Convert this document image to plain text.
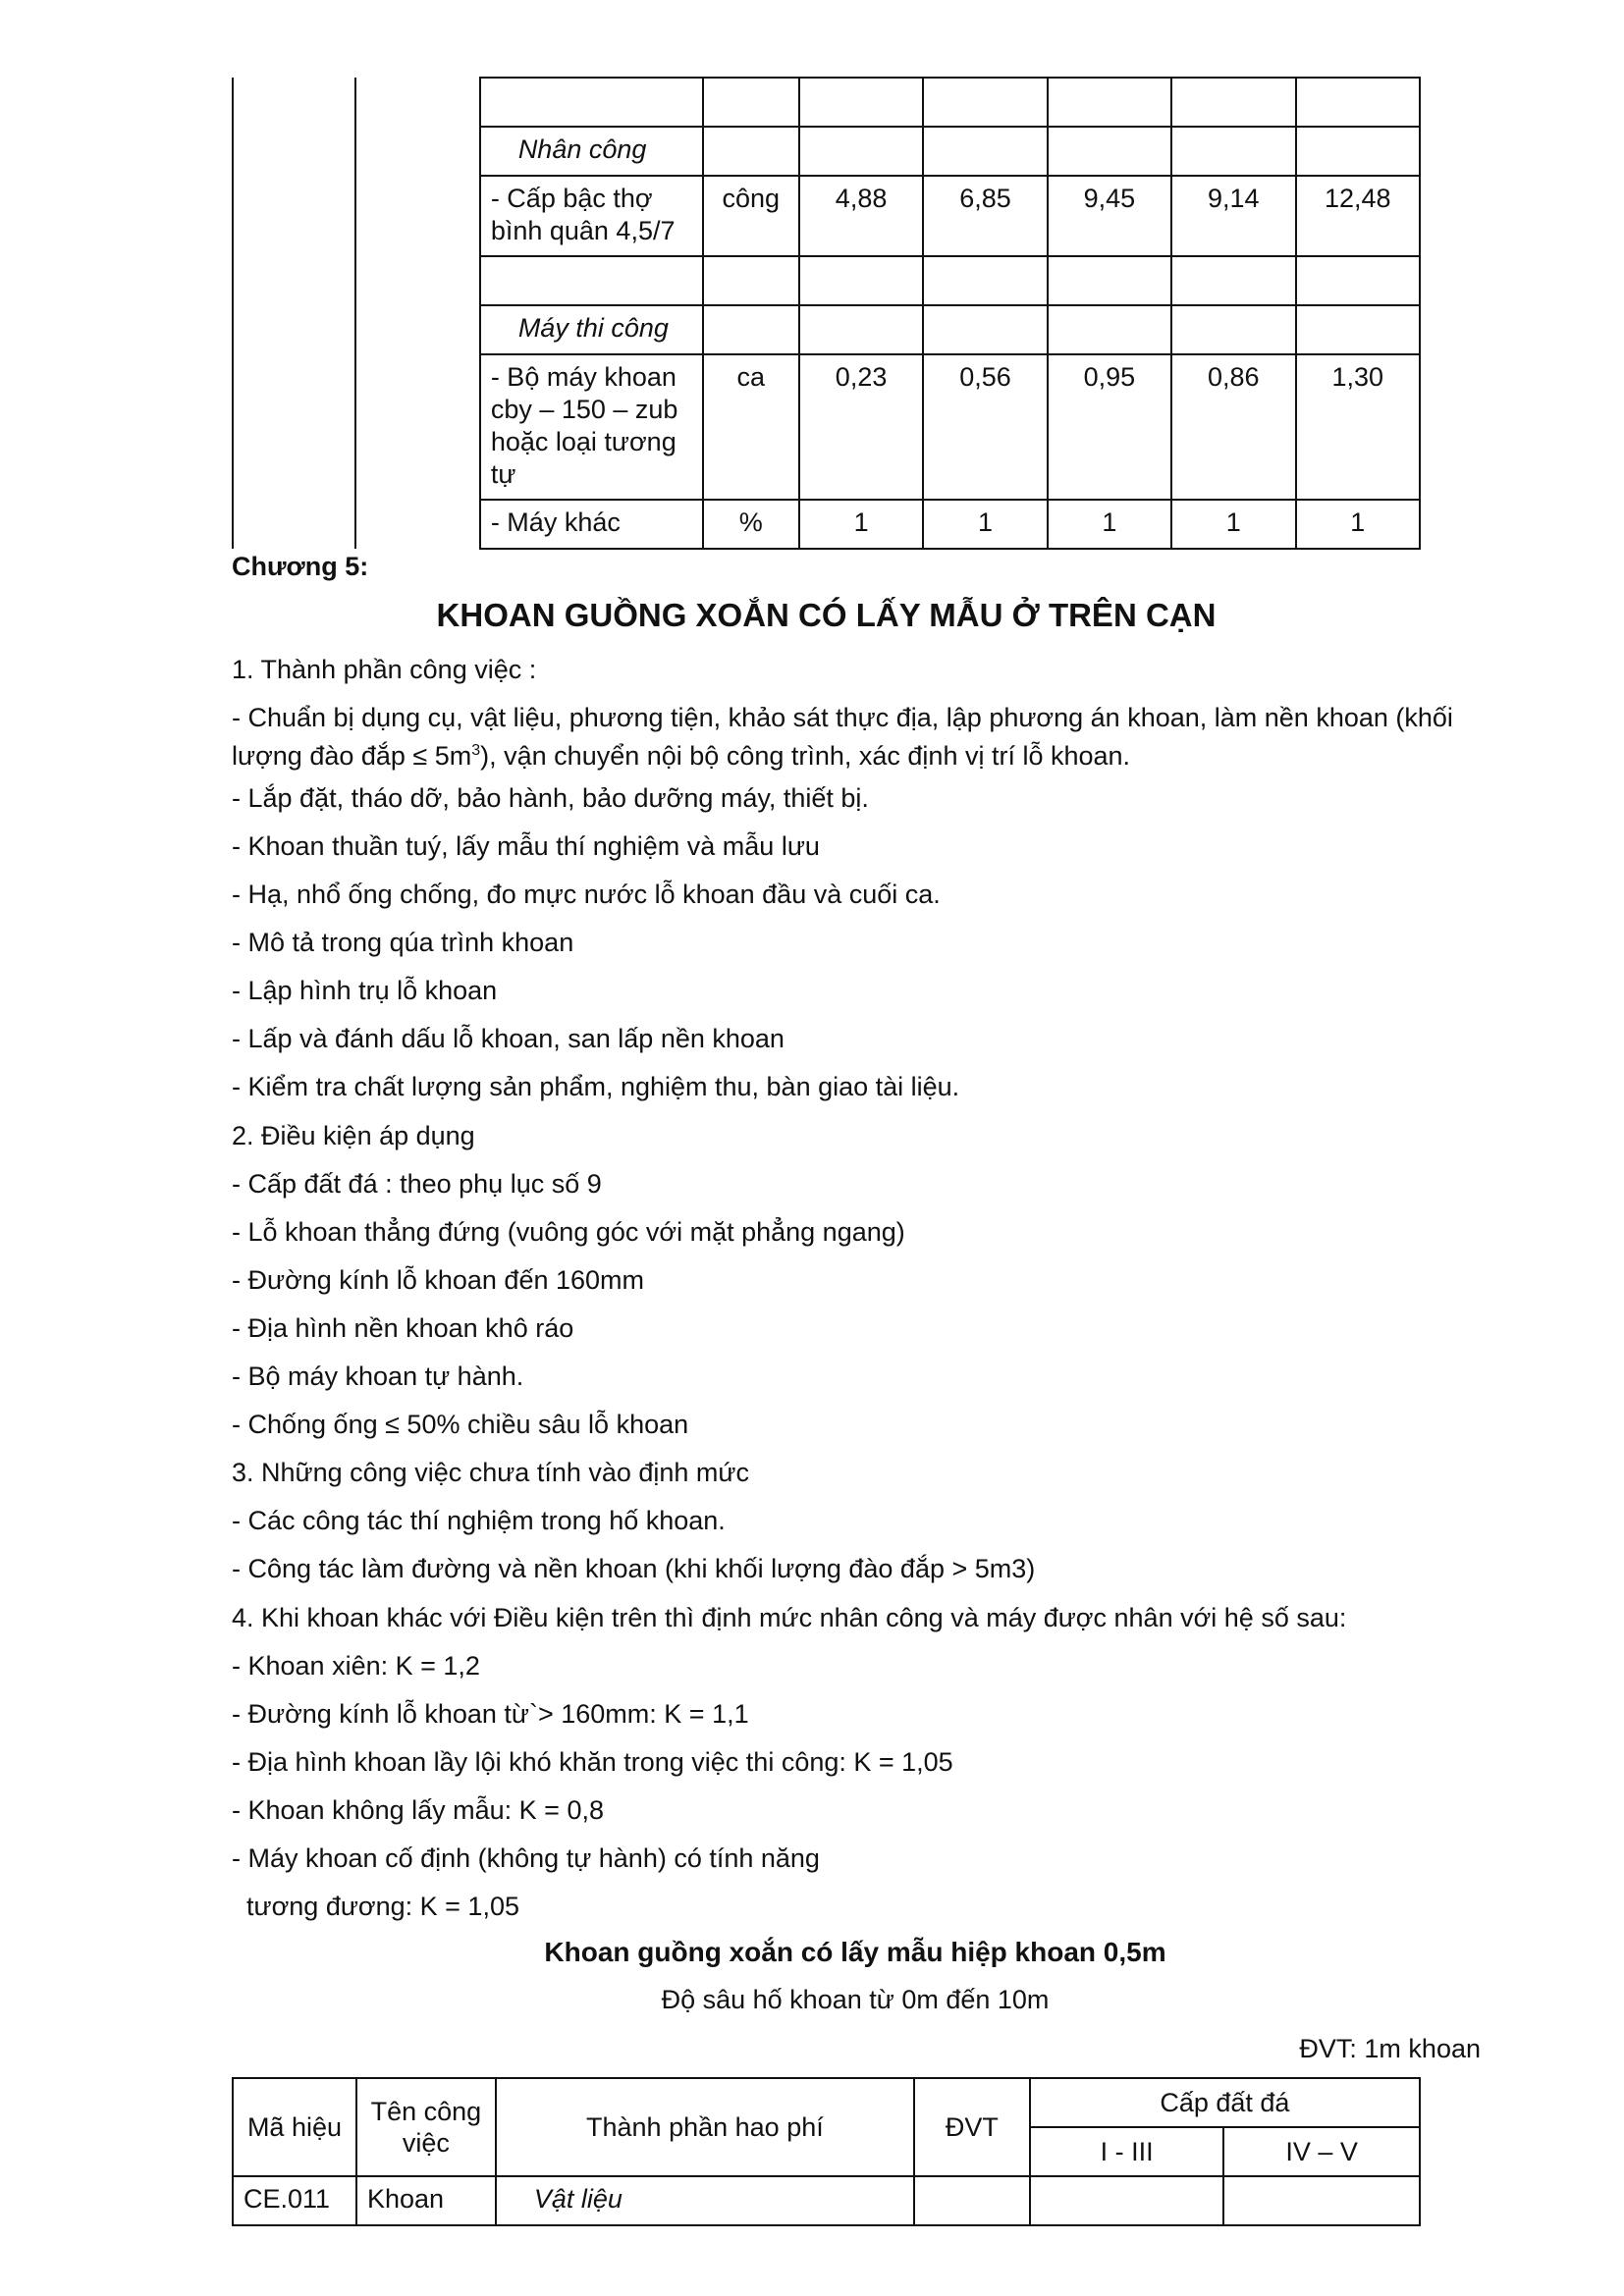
		Nhân công						
		- Cấp bậc thợ bình quân 4,5/7	công	4,88	6,85	9,45	9,14	12,48

		Máy thi công						
		- Bộ máy khoan cby – 150 – zub hoặc loại tương tự	ca	0,23	0,56	0,95	0,86	1,30
		- Máy khác	%	1	1	1	1	1
Chương 5:
KHOAN GUỒNG XOẮN CÓ LẤY MẪU Ở TRÊN CẠN
1. Thành phần công việc :
- Chuẩn bị dụng cụ, vật liệu, phương tiện, khảo sát thực địa, lập phương án khoan, làm nền khoan (khối lượng đào đắp ≤ $5m^3$), vận chuyển nội bộ công trình, xác định vị trí lỗ khoan.
- Lắp đặt, tháo dỡ, bảo hành, bảo dưỡng máy, thiết bị.
- Khoan thuần tuý, lấy mẫu thí nghiệm và mẫu lưu
- Hạ, nhổ ống chống, đo mực nước lỗ khoan đầu và cuối ca.
- Mô tả trong qúa trình khoan
- Lập hình trụ lỗ khoan
- Lấp và đánh dấu lỗ khoan, san lấp nền khoan
- Kiểm tra chất lượng sản phẩm, nghiệm thu, bàn giao tài liệu.
2. Điều kiện áp dụng
- Cấp đất đá : theo phụ lục số 9
- Lỗ khoan thẳng đứng (vuông góc với mặt phẳng ngang)
- Đường kính lỗ khoan đến 160mm
- Địa hình nền khoan khô ráo
- Bộ máy khoan tự hành.
- Chống ống ≤ 50% chiều sâu lỗ khoan
3. Những công việc chưa tính vào định mức
- Các công tác thí nghiệm trong hố khoan.
- Công tác làm đường và nền khoan (khi khối lượng đào đắp > 5m3)
4. Khi khoan khác với Điều kiện trên thì định mức nhân công và máy được nhân với hệ số sau:
- Khoan xiên: K = 1,2
- Đường kính lỗ khoan từ`> 160mm: K = 1,1
- Địa hình khoan lầy lội khó khăn trong việc thi công: K = 1,05
- Khoan không lấy mẫu: K = 0,8
- Máy khoan cố định (không tự hành) có tính năng
tương đương: K = 1,05
Khoan guồng xoắn có lấy mẫu hiệp khoan 0,5m
Độ sâu hố khoan từ 0m đến 10m
ĐVT: 1m khoan
Mã hiệu	Tên công việc	Thành phần hao phí	ĐVT	Cấp đất đá	
				I - III	IV – V
CE.011	Khoan	Vật liệu			
